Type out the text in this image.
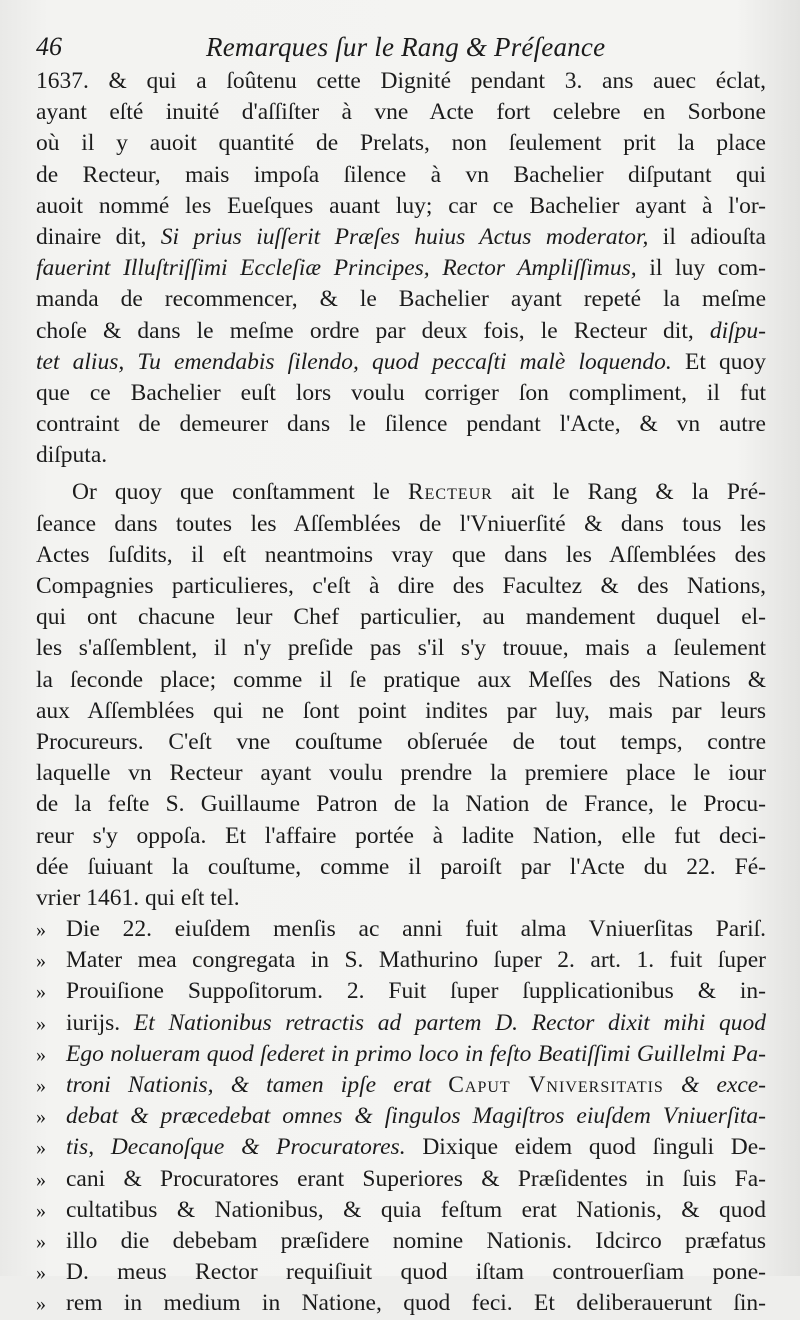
46	Remarques ſur le Rang & Préſeance
1637. & qui a ſoûtenu cette Dignité pendant 3. ans auec éclat,
ayant eſté inuité d'aſſiſter à vne Acte fort celebre en Sorbone
où il y auoit quantité de Prelats, non ſeulement prit la place
de Recteur, mais impoſa ſilence à vn Bachelier diſputant qui
auoit nommé les Eueſques auant luy; car ce Bachelier ayant à l'or-
dinaire dit, Si prius iuſſerit Præſes huius Actus moderator, il adiouſta
fauerint Illuſtriſſimi Eccleſiæ Principes, Rector Ampliſſimus, il luy com-
manda de recommencer, & le Bachelier ayant repeté la meſme
choſe & dans le meſme ordre par deux fois, le Recteur dit, diſpu-
tet alius, Tu emendabis ſilendo, quod peccaſti malè loquendo. Et quoy
que ce Bachelier euſt lors voulu corriger ſon compliment, il fut
contraint de demeurer dans le ſilence pendant l'Acte, & vn autre
diſputa.
Or quoy que conſtamment le Recteur ait le Rang & la Pré-
ſeance dans toutes les Aſſemblées de l'Vniuerſité & dans tous les
Actes ſuſdits, il eſt neantmoins vray que dans les Aſſemblées des
Compagnies particulieres, c'eſt à dire des Facultez & des Nations,
qui ont chacune leur Chef particulier, au mandement duquel el-
les s'aſſemblent, il n'y preſide pas s'il s'y trouue, mais a ſeulement
la ſeconde place; comme il ſe pratique aux Meſſes des Nations &
aux Aſſemblées qui ne ſont point indites par luy, mais par leurs
Procureurs. C'eſt vne couſtume obſeruée de tout temps, contre
laquelle vn Recteur ayant voulu prendre la premiere place le iour
de la feſte S. Guillaume Patron de la Nation de France, le Procu-
reur s'y oppoſa. Et l'affaire portée à ladite Nation, elle fut deci-
dée ſuiuant la couſtume, comme il paroiſt par l'Acte du 22. Fé-
vrier 1461. qui eſt tel.
» Die 22. eiuſdem menſis ac anni fuit alma Vniuerſitas Pariſ.
» Mater mea congregata in S. Mathurino ſuper 2. art. 1. fuit ſuper
» Prouiſione Suppoſitorum. 2. Fuit ſuper ſupplicationibus & in-
» iurijs. Et Nationibus retractis ad partem D. Rector dixit mihi quod
» Ego nolueram quod ſederet in primo loco in feſto Beatiſſimi Guillelmi Pa-
» troni Nationis, & tamen ipſe erat Caput Vniversitatis & exce-
» debat & præcedebat omnes & ſingulos Magiſtros eiuſdem Vniuerſita-
» tis, Decanoſque & Procuratores. Dixique eidem quod ſinguli De-
» cani & Procuratores erant Superiores & Præſidentes in ſuis Fa-
» cultatibus & Nationibus, & quia feſtum erat Nationis, & quod
» illo die debebam præſidere nomine Nationis. Idcirco præfatus
» D. meus Rector requiſiuit quod iſtam controuerſiam pone-
» rem in medium in Natione, quod feci. Et deliberauerunt ſin-
